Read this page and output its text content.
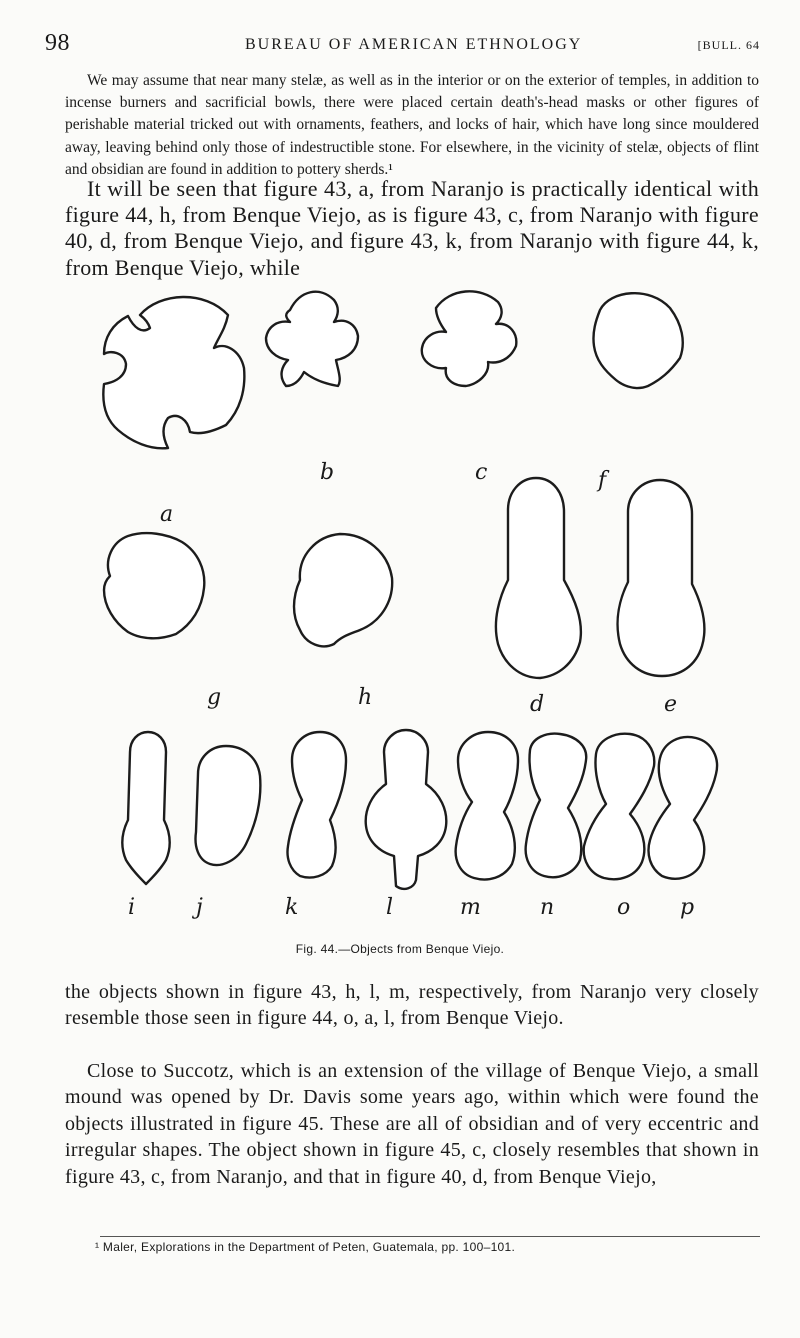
98	BUREAU OF AMERICAN ETHNOLOGY	[BULL. 64

We may assume that near many stelæ, as well as in the interior or on the exterior of temples, in addition to incense burners and sacrificial bowls, there were placed certain death's-head masks or other figures of perishable material tricked out with ornaments, feathers, and locks of hair, which have long since mouldered away, leaving behind only those of indestructible stone. For elsewhere, in the vicinity of stelæ, objects of flint and obsidian are found in addition to pottery sherds.¹

It will be seen that figure 43, a, from Naranjo is practically identical with figure 44, h, from Benque Viejo, as is figure 43, c, from Naranjo with figure 40, d, from Benque Viejo, and figure 43, k, from Naranjo with figure 44, k, from Benque Viejo, while

a
b	c	f
g	h	d	e
i	j	k	l	m	n	o p
Fig. 44.—Objects from Benque Viejo.

the objects shown in figure 43, h, l, m, respectively, from Naranjo very closely resemble those seen in figure 44, o, a, l, from Benque Viejo.

Close to Succotz, which is an extension of the village of Benque Viejo, a small mound was opened by Dr. Davis some years ago, within which were found the objects illustrated in figure 45. These are all of obsidian and of very eccentric and irregular shapes. The object shown in figure 45, c, closely resembles that shown in figure 43, c, from Naranjo, and that in figure 40, d, from Benque Viejo,

¹ Maler, Explorations in the Department of Peten, Guatemala, pp. 100–101.
